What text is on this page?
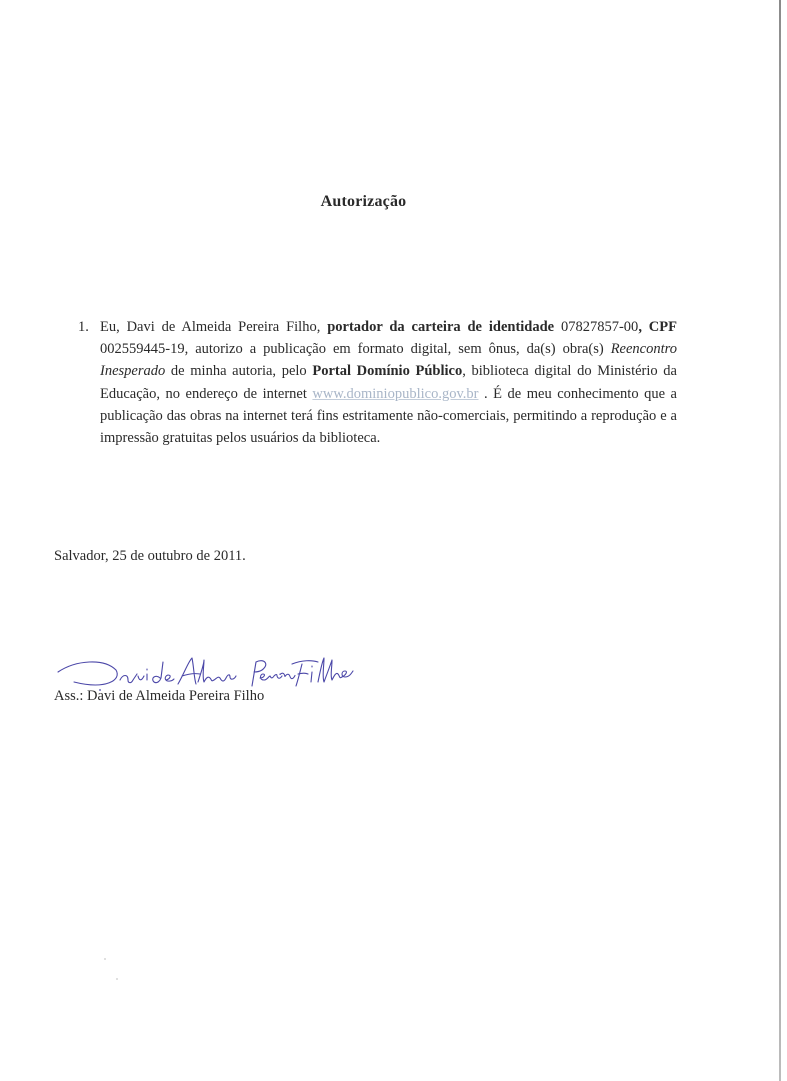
Autorização
1. Eu, Davi de Almeida Pereira Filho, portador da carteira de identidade 07827857-00, CPF 002559445-19, autorizo a publicação em formato digital, sem ônus, da(s) obra(s) Reencontro Inesperado de minha autoria, pelo Portal Domínio Público, biblioteca digital do Ministério da Educação, no endereço de internet www.dominiopublico.gov.br . É de meu conhecimento que a publicação das obras na internet terá fins estritamente não-comerciais, permitindo a reprodução e a impressão gratuitas pelos usuários da biblioteca.
Salvador, 25 de outubro de 2011.
Ass.: Davi de Almeida Pereira Filho
